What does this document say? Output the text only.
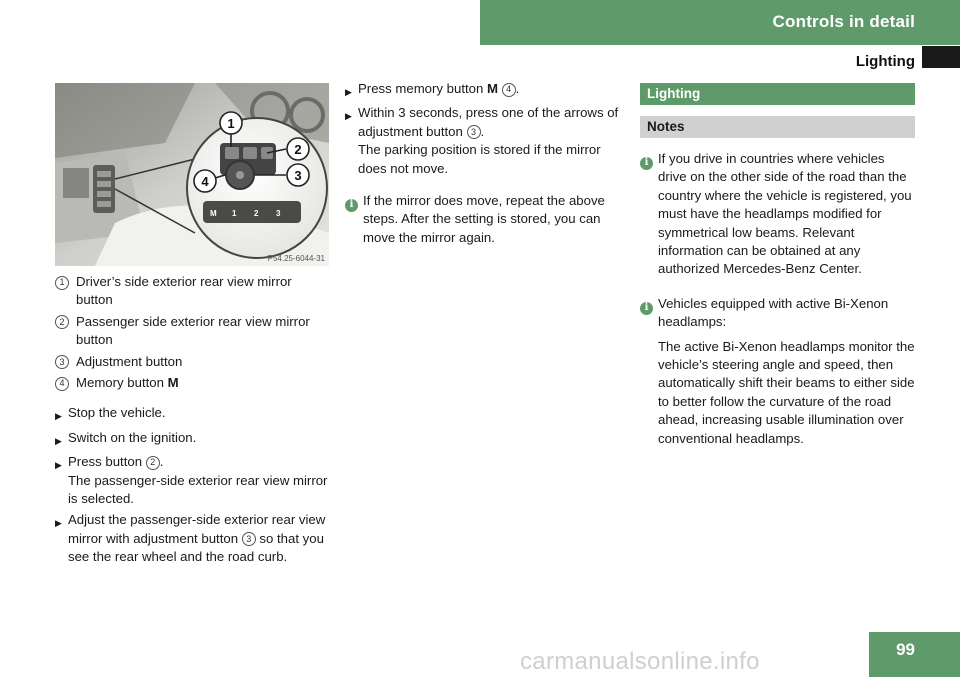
Controls in detail
Lighting
M 1 2 3
1
2
3
4
P54.25-6044-31
1 Driver’s side exterior rear view mirror button
2 Passenger side exterior rear view mirror button
3 Adjustment button
4 Memory button M
▶ Stop the vehicle.
▶ Switch on the ignition.
▶ Press button 2 .
The passenger-side exterior rear view mirror is selected.
▶ Adjust the passenger-side exterior rear view mirror with adjustment button 3 so that you see the rear wheel and the road curb.
▶ Press memory button M 4 .
▶ Within 3 seconds, press one of the arrows of adjustment button 3 .
The parking position is stored if the mirror does not move.
i If the mirror does move, repeat the above steps. After the setting is stored, you can move the mirror again.
Lighting
Notes
i If you drive in countries where vehicles drive on the other side of the road than the country where the vehicle is registered, you must have the headlamps modified for symmetrical low beams. Relevant information can be obtained at any authorized Mercedes-Benz Center.
i Vehicles equipped with active Bi-Xenon headlamps:

The active Bi-Xenon headlamps monitor the vehicle’s steering angle and speed, then automatically shift their beams to either side to better follow the curvature of the road ahead, increasing usable illumination over conventional headlamps.

carmanualsonline.info	99
